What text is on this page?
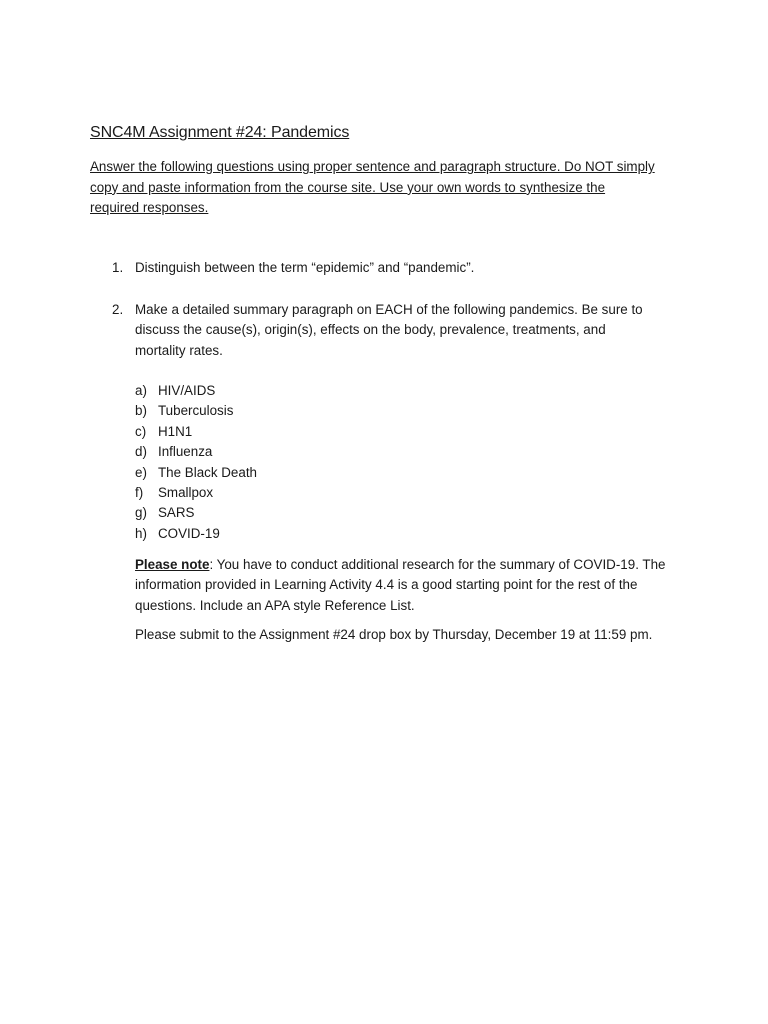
SNC4M Assignment #24: Pandemics
Answer the following questions using proper sentence and paragraph structure. Do NOT simply
copy and paste information from the course site. Use your own words to synthesize the
required responses.
1. Distinguish between the term “epidemic” and “pandemic”.
2. Make a detailed summary paragraph on EACH of the following pandemics. Be sure to
discuss the cause(s), origin(s), effects on the body, prevalence, treatments, and
mortality rates.
a) HIV/AIDS
b) Tuberculosis
c) H1N1
d) Influenza
e) The Black Death
f) Smallpox
g) SARS
h) COVID-19
Please note: You have to conduct additional research for the summary of COVID-19. The
information provided in Learning Activity 4.4 is a good starting point for the rest of the
questions. Include an APA style Reference List.
Please submit to the Assignment #24 drop box by Thursday, December 19 at 11:59 pm.
